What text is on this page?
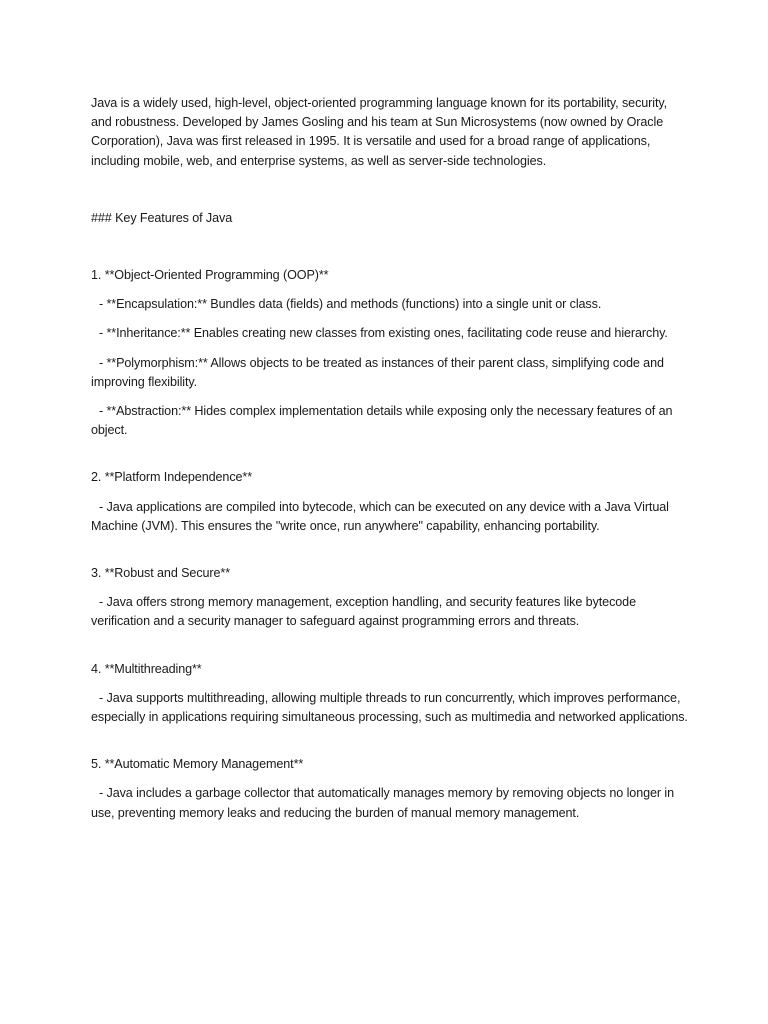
Java is a widely used, high-level, object-oriented programming language known for its portability, security, and robustness. Developed by James Gosling and his team at Sun Microsystems (now owned by Oracle Corporation), Java was first released in 1995. It is versatile and used for a broad range of applications, including mobile, web, and enterprise systems, as well as server-side technologies.

### Key Features of Java

1. **Object-Oriented Programming (OOP)**

- **Encapsulation:** Bundles data (fields) and methods (functions) into a single unit or class.

- **Inheritance:** Enables creating new classes from existing ones, facilitating code reuse and hierarchy.

- **Polymorphism:** Allows objects to be treated as instances of their parent class, simplifying code and improving flexibility.

- **Abstraction:** Hides complex implementation details while exposing only the necessary features of an object.

2. **Platform Independence**

- Java applications are compiled into bytecode, which can be executed on any device with a Java Virtual Machine (JVM). This ensures the "write once, run anywhere" capability, enhancing portability.

3. **Robust and Secure**

- Java offers strong memory management, exception handling, and security features like bytecode verification and a security manager to safeguard against programming errors and threats.

4. **Multithreading**

- Java supports multithreading, allowing multiple threads to run concurrently, which improves performance, especially in applications requiring simultaneous processing, such as multimedia and networked applications.

5. **Automatic Memory Management**

- Java includes a garbage collector that automatically manages memory by removing objects no longer in use, preventing memory leaks and reducing the burden of manual memory management.
